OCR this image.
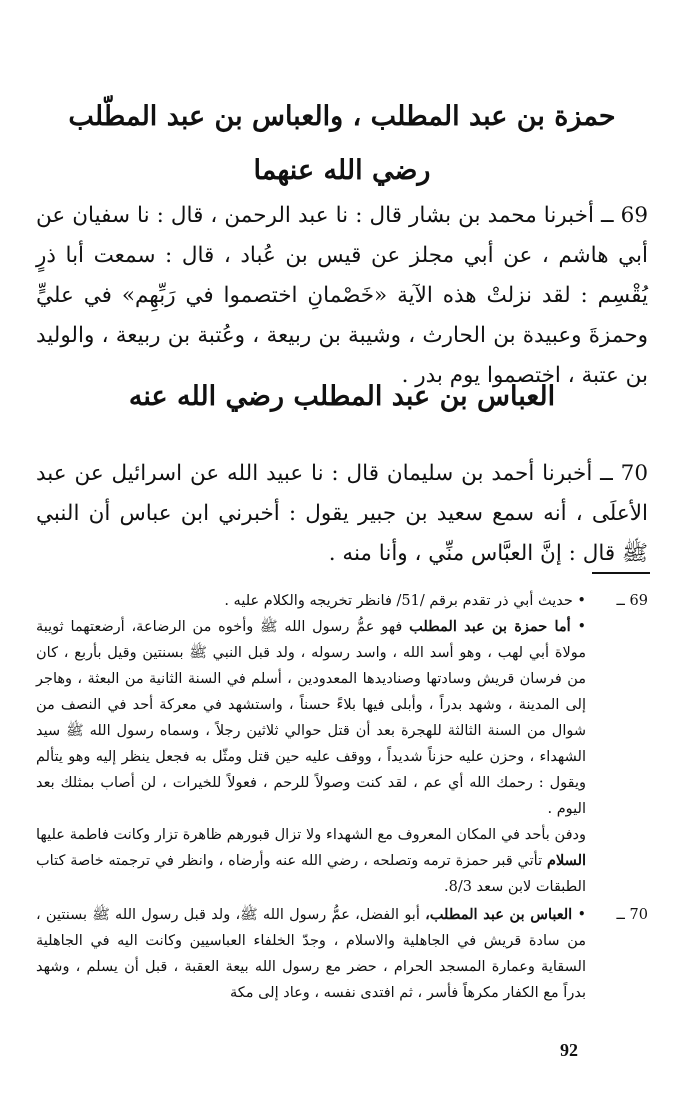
حمزة بن عبد المطلب ، والعباس بن عبد المطّلب
رضي الله عنهما
69 ــ أخبرنا محمد بن بشار قال : نا عبد الرحمن ، قال : نا سفيان عن أبي هاشم ، عن أبي مجلز عن قيس بن عُباد ، قال : سمعت أبا ذرٍ يُقْسِم : لقد نزلتْ هذه الآية «خَصْمانِ اختصموا في رَبِّهِم» في عليٍّ وحمزةَ وعبيدة بن الحارث ، وشيبة بن ربيعة ، وعُتبة بن ربيعة ، والوليد بن عتبة ، اختصموا يوم بدر .
العباس بن عبد المطلب رضي الله عنه
70 ــ أخبرنا أحمد بن سليمان قال : نا عبيد الله عن اسرائيل عن عبد الأعلَى ، أنه سمع سعيد بن جبير يقول : أخبرني ابن عباس أن النبي ﷺ قال : إنَّ العبَّاس منِّي ، وأنا منه .
69 ــ

• حديث أبي ذر تقدم برقم /51/ فانظر تخريجه والكلام عليه .

• أما حمزة بن عبد المطلب فهو عمُّ رسول الله ﷺ وأخوه من الرضاعة، أرضعتهما ثويبة مولاة أبي لهب ، وهو أسد الله ، واسد رسوله ، ولد قبل النبي ﷺ بسنتين وقيل بأربع ، كان من فرسان قريش وسادتها وصناديدها المعدودين ، أسلم في السنة الثانية من البعثة ، وهاجر إلى المدينة ، وشهد بدراً ، وأبلى فيها بلاءً حسناً ، واستشهد في معركة أحد في النصف من شوال من السنة الثالثة للهجرة بعد أن قتل حوالي ثلاثين رجلاً ، وسماه رسول الله ﷺ سيد الشهداء ، وحزن عليه حزناً شديداً ، ووقف عليه حين قتل ومثّل به فجعل ينظر إليه وهو يتألم ويقول : رحمك الله أي عم ، لقد كنت وصولاً للرحم ، فعولاً للخيرات ، لن أصاب بمثلك بعد اليوم .

ودفن بأحد في المكان المعروف مع الشهداء ولا تزال قبورهم ظاهرة تزار وكانت فاطمة عليها السلام تأتي قبر حمزة ترمه وتصلحه ، رضي الله عنه وأرضاه ، وانظر في ترجمته خاصة كتاب الطبقات لابن سعد 8/3.

70 ــ

• العباس بن عبد المطلب، أبو الفضل، عمُّ رسول الله ﷺ، ولد قبل رسول الله ﷺ بسنتين ، من سادة قريش في الجاهلية والاسلام ، وجدّ الخلفاء العباسيين وكانت اليه في الجاهلية السقاية وعمارة المسجد الحرام ، حضر مع رسول الله بيعة العقبة ، قبل أن يسلم ، وشهد بدراً مع الكفار مكرهاً فأسر ، ثم افتدى نفسه ، وعاد إلى مكة

92
